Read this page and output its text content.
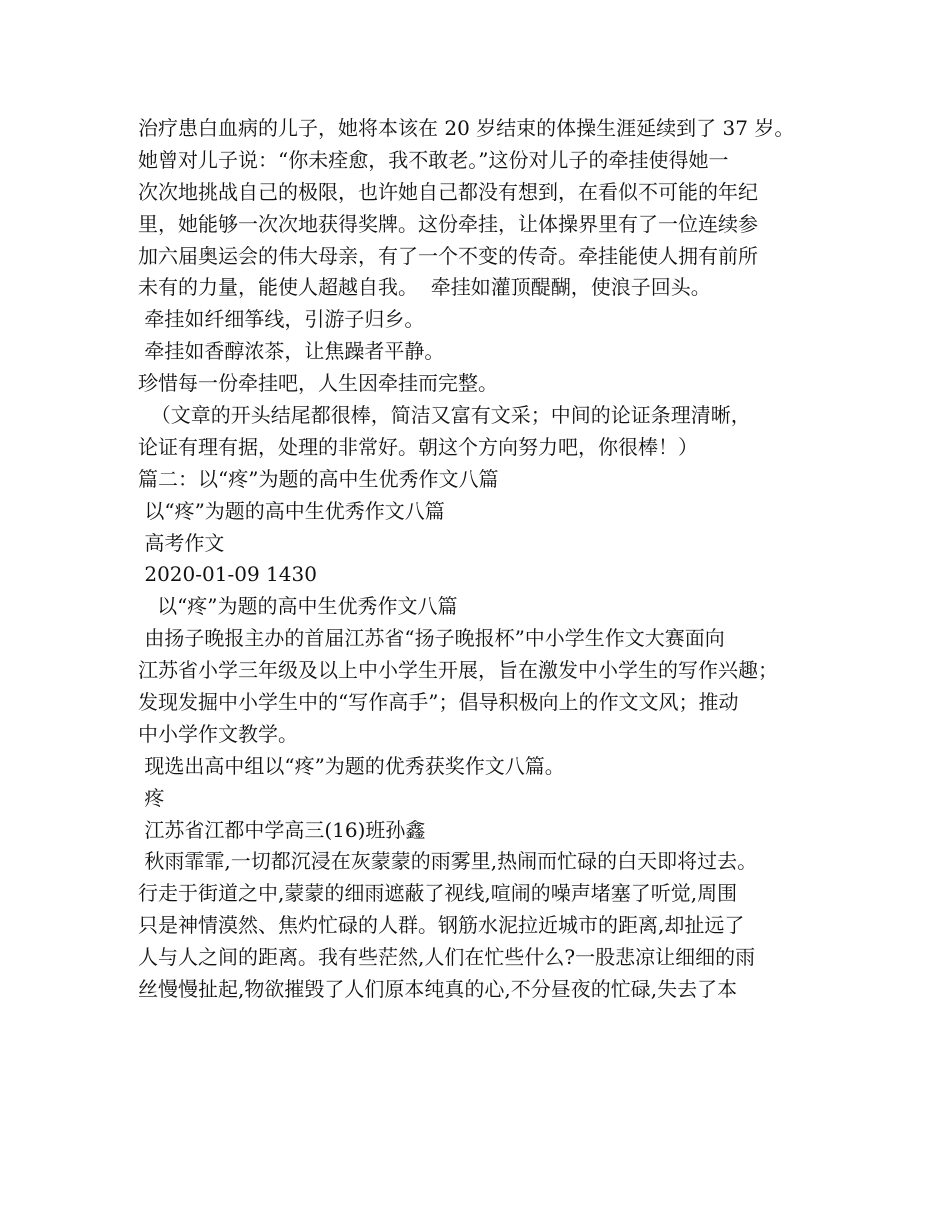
治疗患白血病的儿子，她将本该在 20 岁结束的体操生涯延续到了 37 岁。
她曾对儿子说：“你未痊愈，我不敢老。”这份对儿子的牵挂使得她一
次次地挑战自己的极限，也许她自己都没有想到，在看似不可能的年纪
里，她能够一次次地获得奖牌。这份牵挂，让体操界里有了一位连续参
加六届奥运会的伟大母亲，有了一个不变的传奇。牵挂能使人拥有前所
未有的力量，能使人超越自我。  牵挂如灌顶醍醐，使浪子回头。
牵挂如纤细筝线，引游子归乡。
牵挂如香醇浓茶，让焦躁者平静。
珍惜每一份牵挂吧，人生因牵挂而完整。
（文章的开头结尾都很棒，简洁又富有文采；中间的论证条理清晰，
论证有理有据，处理的非常好。朝这个方向努力吧，你很棒！）
篇二：以“疼”为题的高中生优秀作文八篇
以“疼”为题的高中生优秀作文八篇
高考作文
2020-01-09 1430
以“疼”为题的高中生优秀作文八篇
由扬子晚报主办的首届江苏省“扬子晚报杯”中小学生作文大赛面向
江苏省小学三年级及以上中小学生开展，旨在激发中小学生的写作兴趣；
发现发掘中小学生中的“写作高手”；倡导积极向上的作文文风；推动
中小学作文教学。
现选出高中组以“疼”为题的优秀获奖作文八篇。
疼
江苏省江都中学高三(16)班孙鑫
秋雨霏霏,一切都沉浸在灰蒙蒙的雨雾里,热闹而忙碌的白天即将过去。
行走于街道之中,蒙蒙的细雨遮蔽了视线,喧闹的噪声堵塞了听觉,周围
只是神情漠然、焦灼忙碌的人群。钢筋水泥拉近城市的距离,却扯远了
人与人之间的距离。我有些茫然,人们在忙些什么?一股悲凉让细细的雨
丝慢慢扯起,物欲摧毁了人们原本纯真的心,不分昼夜的忙碌,失去了本
